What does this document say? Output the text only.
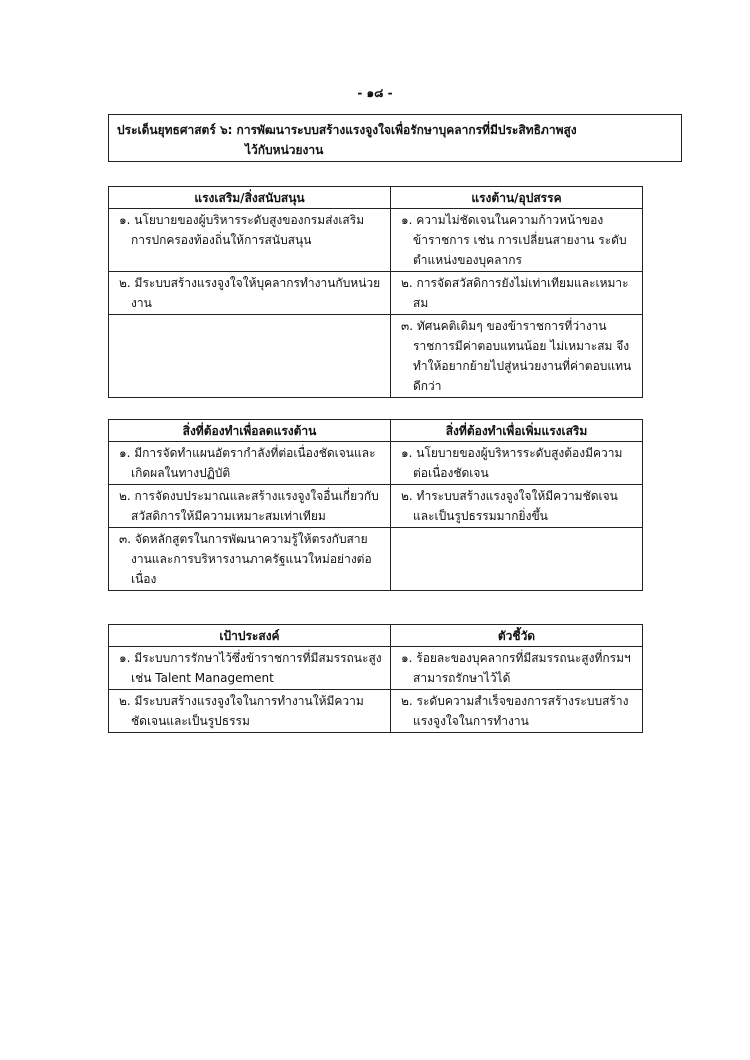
- ๑๘ -
ประเด็นยุทธศาสตร์ ๖: การพัฒนาระบบสร้างแรงจูงใจเพื่อรักษาบุคลากรที่มีประสิทธิภาพสูง
ไว้กับหน่วยงาน
แรงเสริม/สิ่งสนับสนุน	แรงต้าน/อุปสรรค

๑. นโยบายของผู้บริหารระดับสูงของกรมส่งเสริมการปกครองท้องถิ่นให้การสนับสนุน	๑. ความไม่ชัดเจนในความก้าวหน้าของข้าราชการ เช่น การเปลี่ยนสายงาน ระดับตำแหน่งของบุคลากร

๒. มีระบบสร้างแรงจูงใจให้บุคลากรทำงานกับหน่วยงาน	๒. การจัดสวัสดิการยังไม่เท่าเทียมและเหมาะสม

	๓. ทัศนคติเดิมๆ ของข้าราชการที่ว่างานราชการมีค่าตอบแทนน้อย ไม่เหมาะสม จึงทำให้อยากย้ายไปสู่หน่วยงานที่ค่าตอบแทนดีกว่า
สิ่งที่ต้องทำเพื่อลดแรงต้าน	สิ่งที่ต้องทำเพื่อเพิ่มแรงเสริม

๑. มีการจัดทำแผนอัตรากำลังที่ต่อเนื่องชัดเจนและเกิดผลในทางปฏิบัติ	๑. นโยบายของผู้บริหารระดับสูงต้องมีความต่อเนื่องชัดเจน

๒. การจัดงบประมาณและสร้างแรงจูงใจอื่นเกี่ยวกับสวัสดิการให้มีความเหมาะสมเท่าเทียม	๒. ทำระบบสร้างแรงจูงใจให้มีความชัดเจน และเป็นรูปธรรมมากยิ่งขึ้น

๓. จัดหลักสูตรในการพัฒนาความรู้ให้ตรงกับสายงานและการบริหารงานภาครัฐแนวใหม่อย่างต่อเนื่อง	

เป้าประสงค์	ตัวชี้วัด

๑. มีระบบการรักษาไว้ซึ่งข้าราชการที่มีสมรรถนะสูง เช่น Talent Management	๑. ร้อยละของบุคลากรที่มีสมรรถนะสูงที่กรมฯสามารถรักษาไว้ได้

๒. มีระบบสร้างแรงจูงใจในการทำงานให้มีความชัดเจนและเป็นรูปธรรม	๒. ระดับความสำเร็จของการสร้างระบบสร้างแรงจูงใจในการทำงาน
